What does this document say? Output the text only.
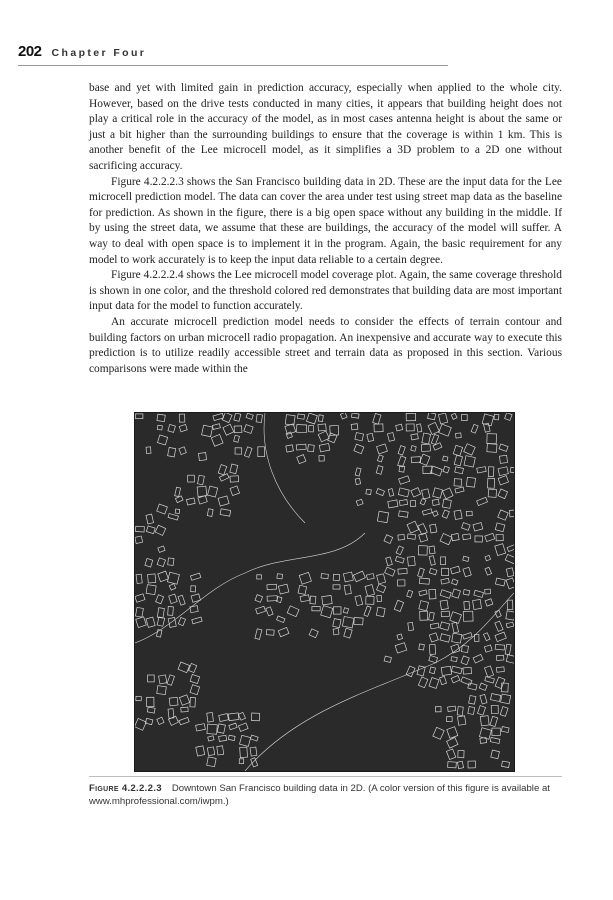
202 Chapter Four

base and yet with limited gain in prediction accuracy, especially when applied to the whole city. However, based on the drive tests conducted in many cities, it appears that building height does not play a critical role in the accuracy of the model, as in most cases antenna height is about the same or just a bit higher than the surrounding buildings to ensure that the coverage is within 1 km. This is another benefit of the Lee microcell model, as it simplifies a 3D problem to a 2D one without sacrificing accuracy.

Figure 4.2.2.2.3 shows the San Francisco building data in 2D. These are the input data for the Lee microcell prediction model. The data can cover the area under test using street map data as the baseline for prediction. As shown in the figure, there is a big open space without any building in the middle. If by using the street data, we assume that these are buildings, the accuracy of the model will suffer. A way to deal with open space is to implement it in the program. Again, the basic requirement for any model to work accurately is to keep the input data reliable to a certain degree.

Figure 4.2.2.2.4 shows the Lee microcell model coverage plot. Again, the same coverage threshold is shown in one color, and the threshold colored red demonstrates that building data are most important input data for the model to function accurately.

An accurate microcell prediction model needs to consider the effects of terrain contour and building factors on urban microcell radio propagation. An inexpensive and accurate way to execute this prediction is to utilize readily accessible street and terrain data as proposed in this section. Various comparisons were made within the

Figure 4.2.2.2.3 Downtown San Francisco building data in 2D. (A color version of this figure is available at www.mhprofessional.com/iwpm.)
